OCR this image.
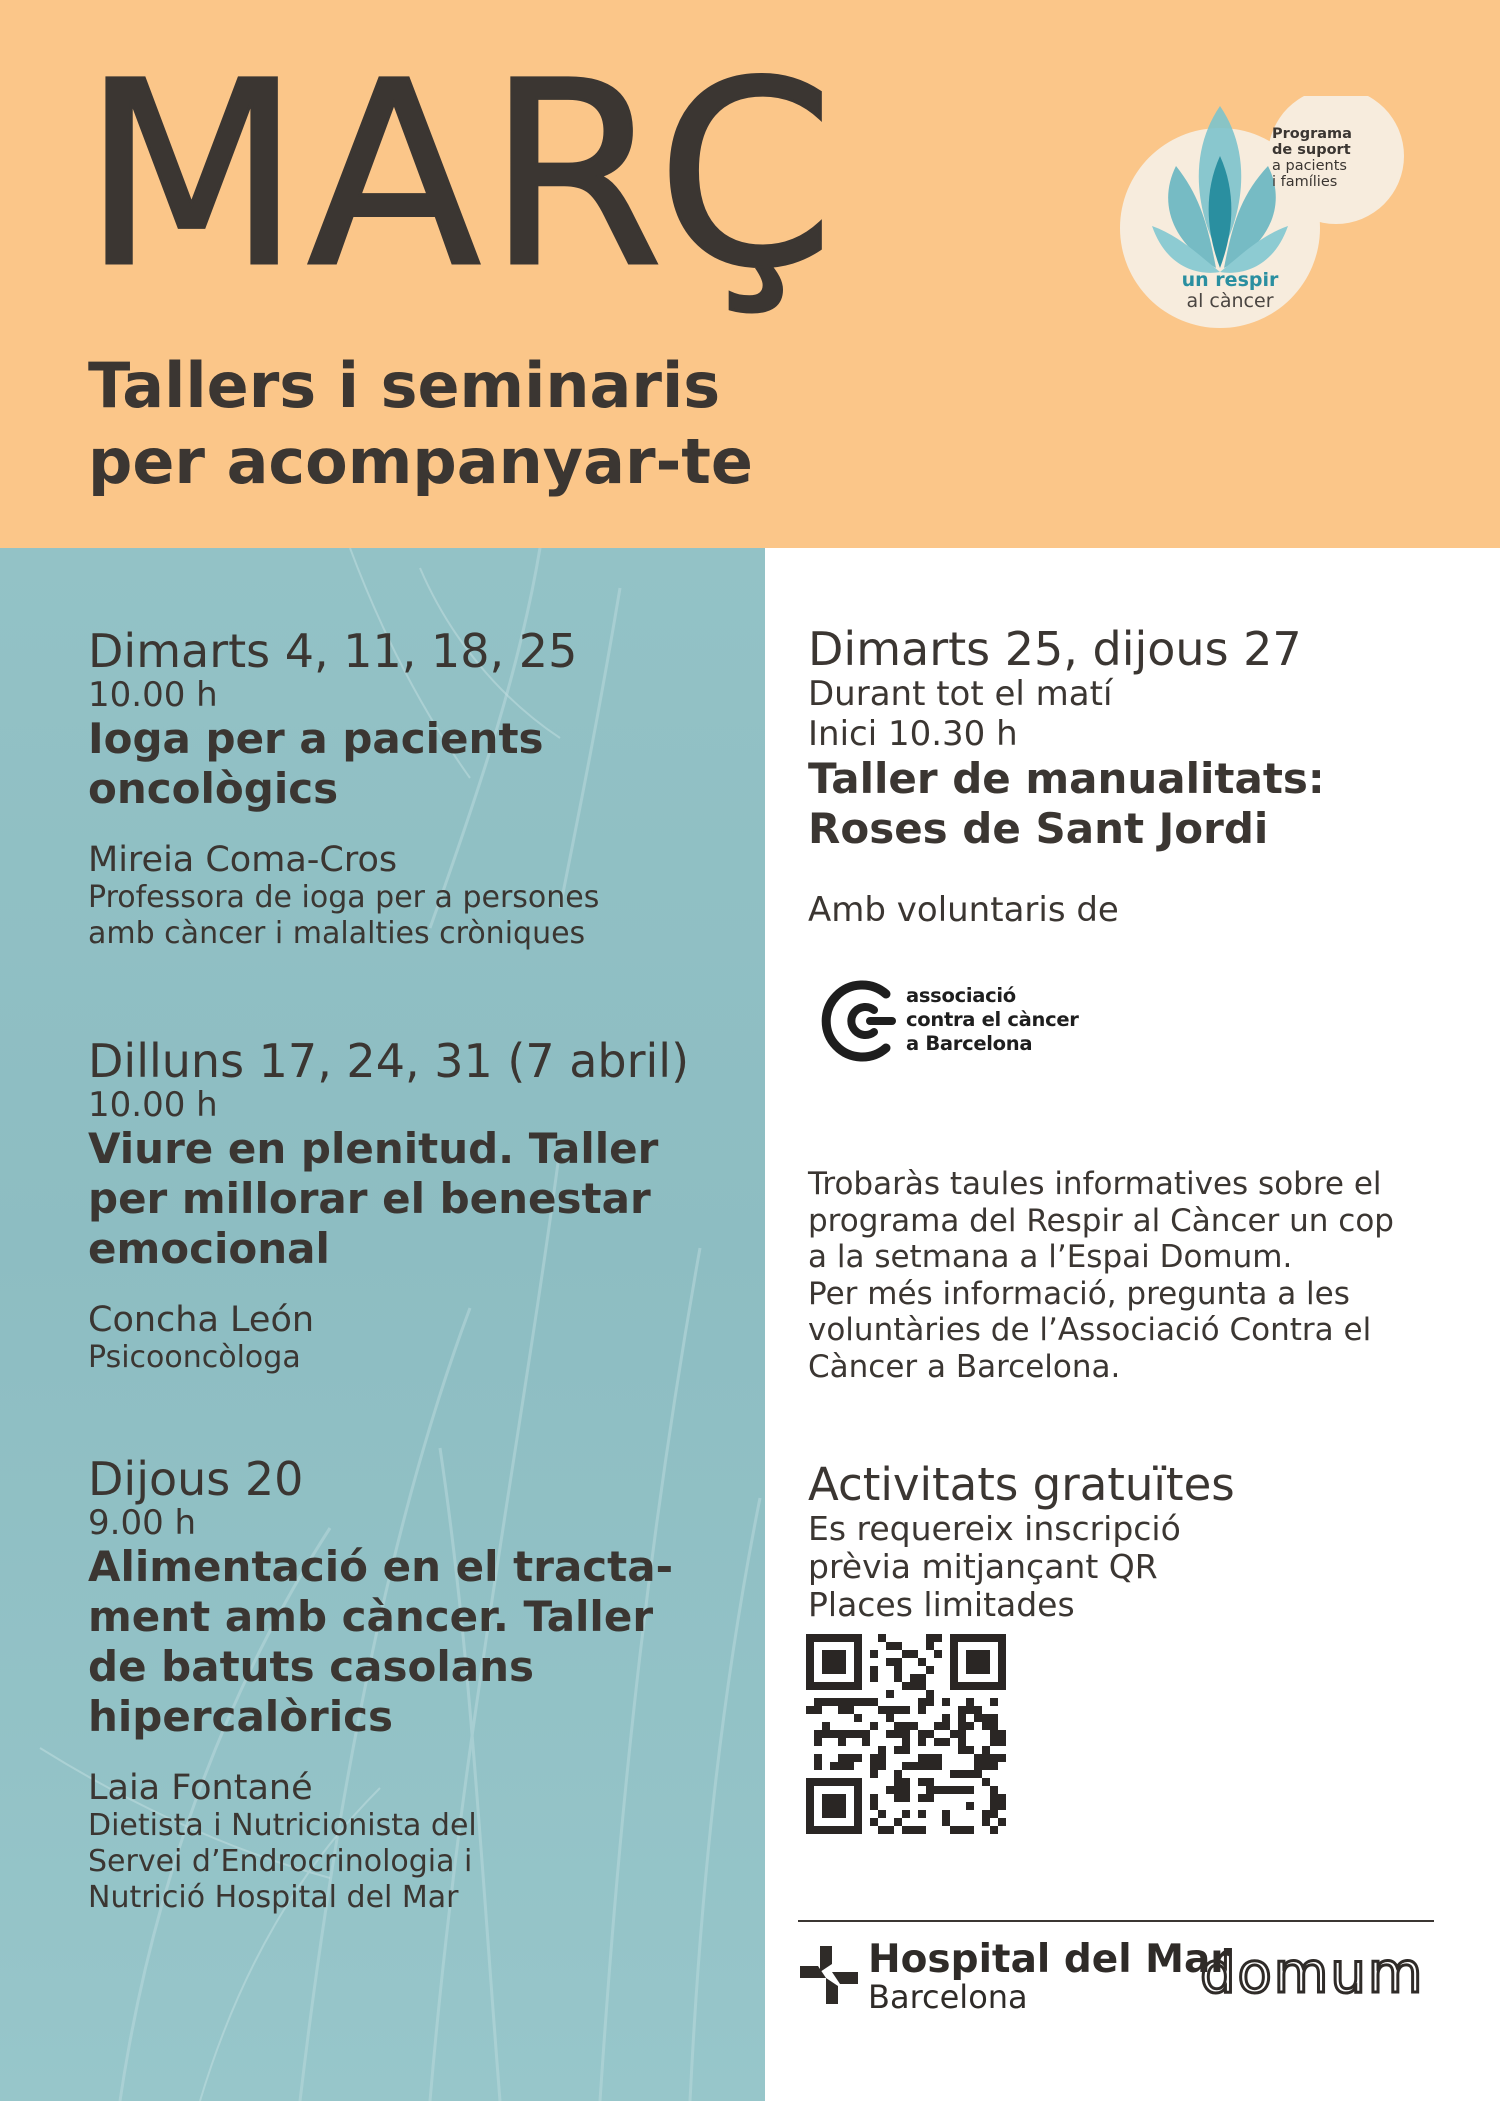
MARÇ
Tallers i seminaris
per acompanyar-te
Programa
de suport
a pacients
i famílies
un respir
al càncer
Dimarts 4, 11, 18, 25
10.00 h
Ioga per a pacients
oncològics
Mireia Coma-Cros
Professora de ioga per a persones
amb càncer i malalties cròniques
Dilluns 17, 24, 31 (7 abril)
10.00 h
Viure en plenitud. Taller
per millorar el benestar
emocional
Concha León
Psicooncòloga
Dijous 20
9.00 h
Alimentació en el tracta-
ment amb càncer. Taller
de batuts casolans
hipercalòrics
Laia Fontané
Dietista i Nutricionista del
Servei d’Endrocrinologia i
Nutrició Hospital del Mar
Dimarts 25, dijous 27
Durant tot el matí
Inici 10.30 h
Taller de manualitats:
Roses de Sant Jordi
Amb voluntaris de
associació
contra el càncer
a Barcelona
Trobaràs taules informatives sobre el
programa del Respir al Càncer un cop
a la setmana a l’Espai Domum.
Per més informació, pregunta a les
voluntàries de l’Associació Contra el
Càncer a Barcelona.
Activitats gratuïtes
Es requereix inscripció
prèvia mitjançant QR
Places limitades
Hospital del Mar
Barcelona	domum
